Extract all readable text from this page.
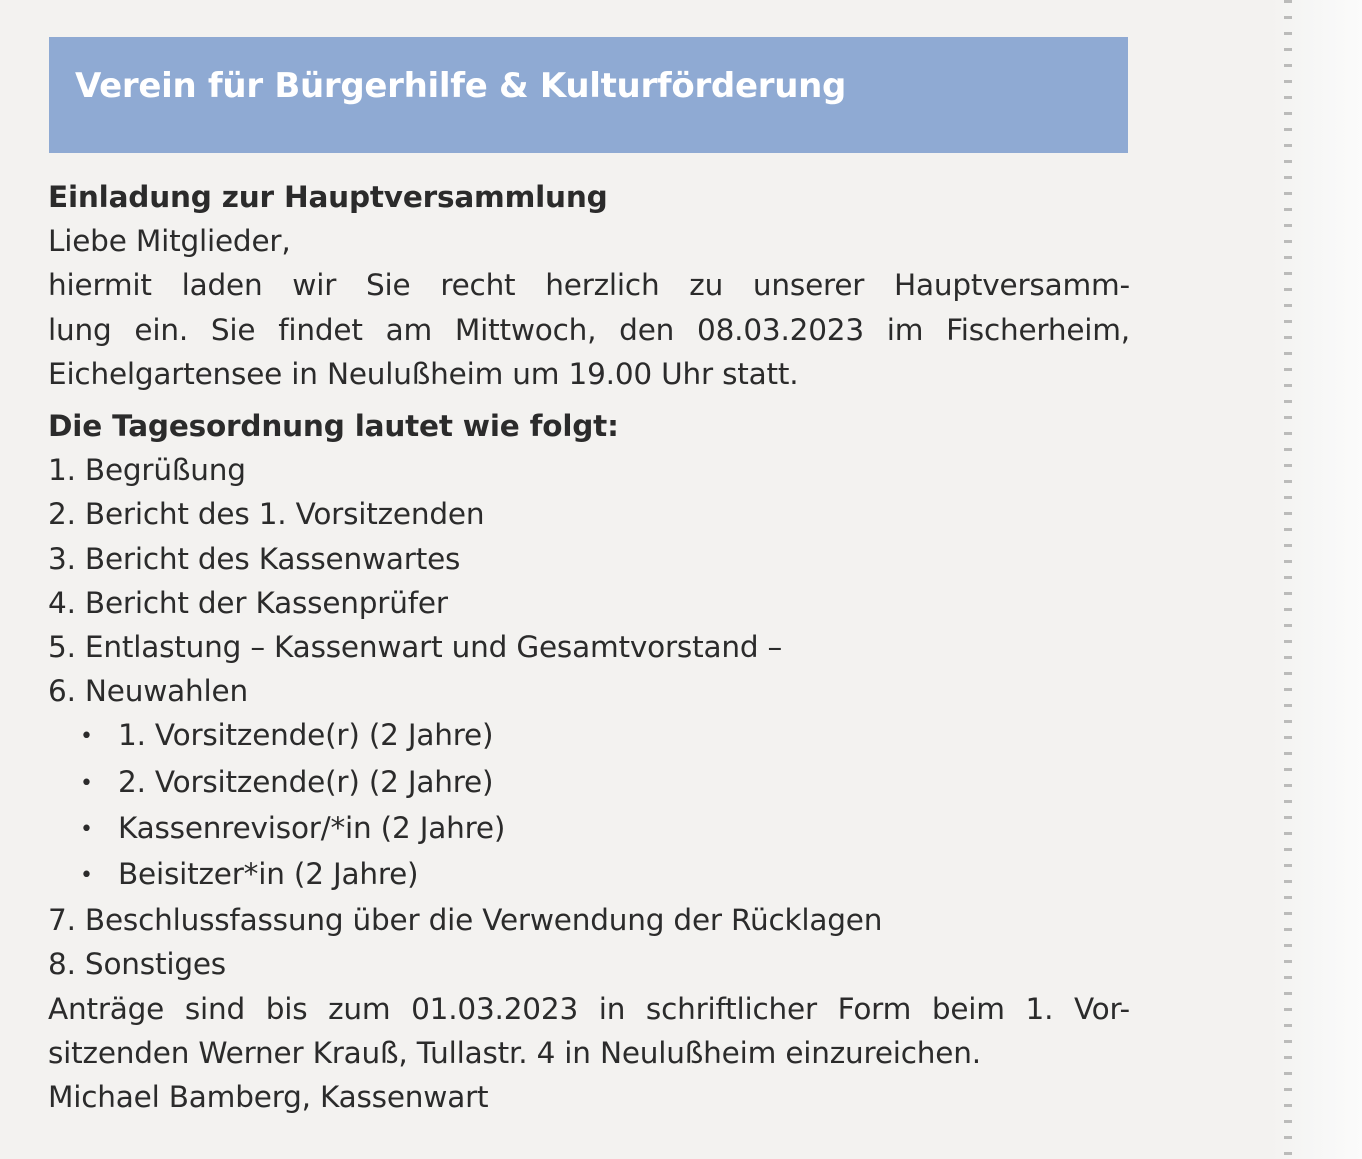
Verein für Bürgerhilfe & Kulturförderung
Einladung zur Hauptversammlung
Liebe Mitglieder,
hiermit laden wir Sie recht herzlich zu unserer Hauptversamm-
lung ein. Sie findet am Mittwoch, den 08.03.2023 im Fischerheim,
Eichelgartensee in Neulußheim um 19.00 Uhr statt.
Die Tagesordnung lautet wie folgt:
1. Begrüßung
2. Bericht des 1. Vorsitzenden
3. Bericht des Kassenwartes
4. Bericht der Kassenprüfer
5. Entlastung – Kassenwart und Gesamtvorstand –
6. Neuwahlen
• 1. Vorsitzende(r) (2 Jahre)
• 2. Vorsitzende(r) (2 Jahre)
• Kassenrevisor/*in (2 Jahre)
• Beisitzer*in (2 Jahre)
7. Beschlussfassung über die Verwendung der Rücklagen
8. Sonstiges
Anträge sind bis zum 01.03.2023 in schriftlicher Form beim 1. Vor-
sitzenden Werner Krauß, Tullastr. 4 in Neulußheim einzureichen.
Michael Bamberg, Kassenwart
